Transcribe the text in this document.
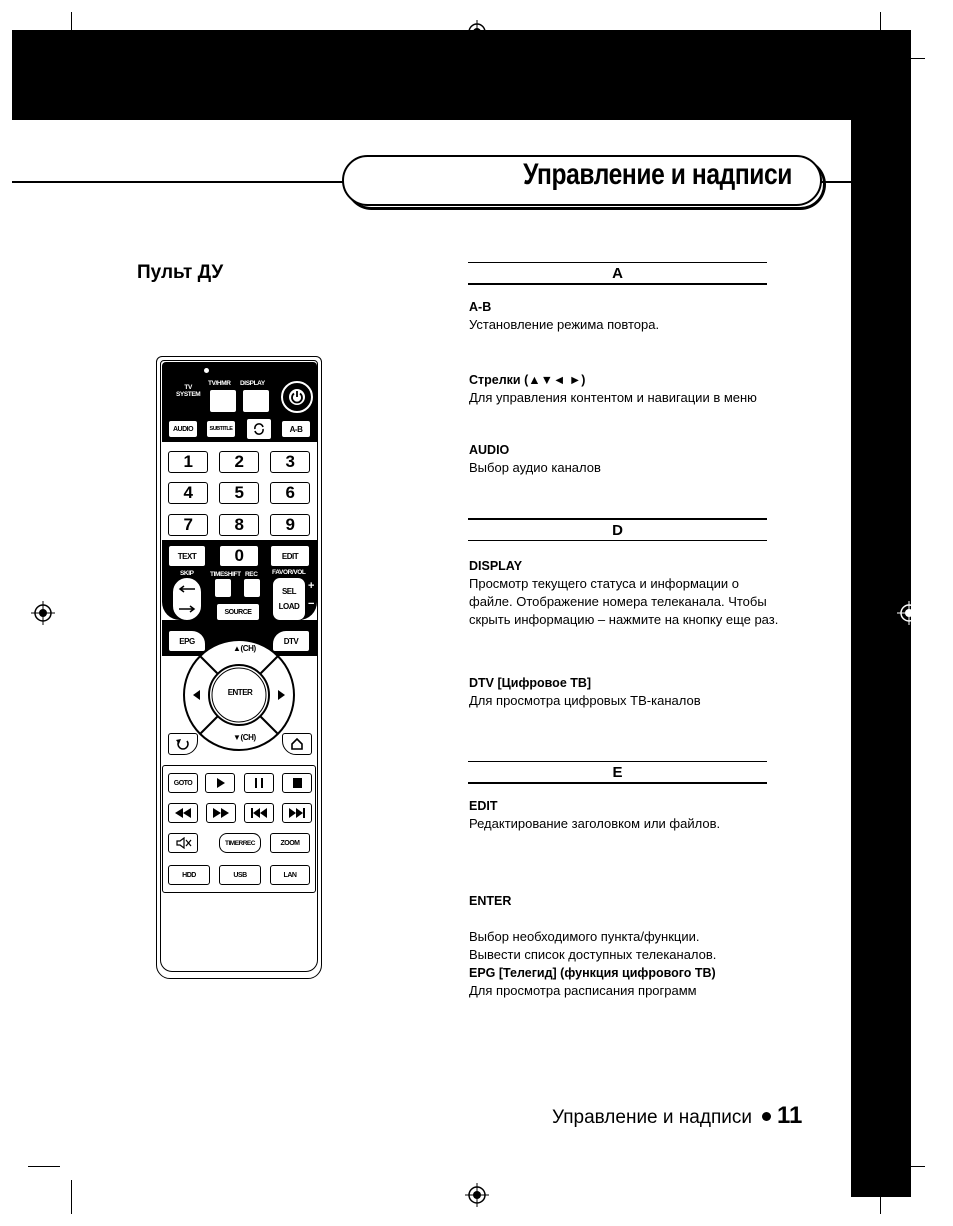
Управление и надписи
Пульт ДУ
TV
SYSTEM
TV/HMR DISPLAY
AUDIO	SUBTITLE	A-B
1	2	3
4	5	6
7	8	9
TEXT	0	EDIT
SKIP	TIMESHIFT REC FAVOR/VOL
SOURCE
SEL
LOAD
+
−
EPG	DTV
ENTER
▲(CH)
▼(CH)
GOTO
TIMERREC	ZOOM
HDD	USB	LAN
A
A-B
Установление режима повтора.
Стрелки (▲▼◄ ►)
Для управления контентом и навигации в меню
AUDIO
Выбор аудио каналов
D
DISPLAY
Просмотр текущего статуса и информации о файле. Отображение номера телеканала. Чтобы скрыть информацию – нажмите на кнопку еще раз.
DTV [Цифровое ТВ]
Для просмотра цифровых ТВ-каналов
E
EDIT
Редактирование заголовком или файлов.

ENTER

Выбор необходимого пункта/функции.
Вывести список доступных телеканалов.

EPG [Телегид] (функция цифрового ТВ)
Для просмотра расписания программ
Управление и надписи 11
